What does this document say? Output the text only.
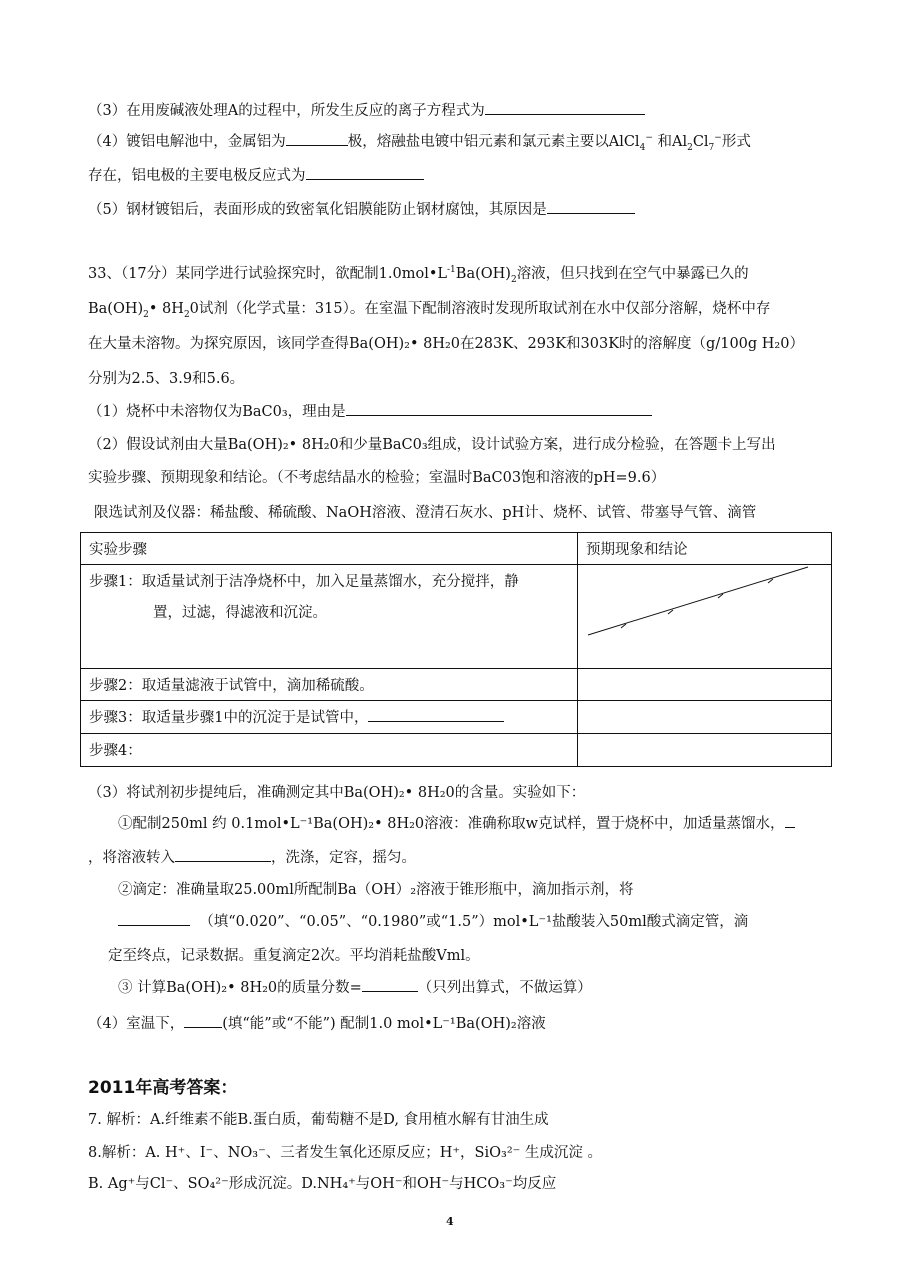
（3）在用废碱液处理A的过程中，所发生反应的离子方程式为
（4）镀铝电解池中，金属铝为	极，熔融盐电镀中铝元素和氯元素主要以AlCl$_4$− 和$Al_2Cl_7^-$形式
存在，铝电极的主要电极反应式为
（5）钢材镀铝后，表面形成的致密氧化铝膜能防止钢材腐蚀，其原因是
33、（17分）某同学进行试验探究时，欲配制$1.0mol•L^{-1}Ba(OH)_2$溶液，但只找到在空气中暴露已久的
$Ba(OH)_2•$ $8H_20$试剂（化学式量：315）。在室温下配制溶液时发现所取试剂在水中仅部分溶解，烧杯中存
在大量未溶物。为探究原因，该同学查得Ba(OH)₂• 8H₂0在283K、293K和303K时的溶解度（g/100g H₂0）
分别为2.5、3.9和5.6。
（1）烧杯中未溶物仅为BaC0₃，理由是
（2）假设试剂由大量Ba(OH)₂• 8H₂0和少量BaC0₃组成，设计试验方案，进行成分检验，在答题卡上写出
实验步骤、预期现象和结论。（不考虑结晶水的检验；室温时BaC03饱和溶液的pH=9.6）
限选试剂及仪器：稀盐酸、稀硫酸、NaOH溶液、澄清石灰水、pH计、烧杯、试管、带塞导气管、滴管
实验步骤	预期现象和结论

步骤1：取适量试剂于洁净烧杯中，加入足量蒸馏水，充分搅拌，静
置，过滤，得滤液和沉淀。

步骤2：取适量滤液于试管中，滴加稀硫酸。	
步骤3：取适量步骤1中的沉淀于是试管中，	
步骤4：	
（3）将试剂初步提纯后，准确测定其中Ba(OH)₂• 8H₂0的含量。实验如下：
①配制250ml 约 0.1mol•L⁻¹Ba(OH)₂• 8H₂0溶液：准确称取w克试样，置于烧杯中，加适量蒸馏水，
，将溶液转入	，洗涤，定容，摇匀。
②滴定：准确量取25.00ml所配制Ba（OH）₂溶液于锥形瓶中，滴加指示剂，将
（填“0.020”、“0.05”、“0.1980”或“1.5”）mol•L⁻¹盐酸装入50ml酸式滴定管，滴
定至终点，记录数据。重复滴定2次。平均消耗盐酸Vml。
③ 计算Ba(OH)₂• 8H₂0的质量分数=	（只列出算式，不做运算）
（4）室温下，	(填“能”或“不能”) 配制1.0 mol•L⁻¹Ba(OH)₂溶液
2011年高考答案：
7. 解析：A.纤维素不能B.蛋白质，葡萄糖不是D, 食用植水解有甘油生成
8.解析：A. H⁺、I⁻、NO₃⁻、三者发生氧化还原反应；H⁺，SiO₃²⁻ 生成沉淀 。
B. Ag⁺与Cl⁻、SO₄²⁻形成沉淀。D.NH₄⁺与OH⁻和OH⁻与HCO₃⁻均反应
4
